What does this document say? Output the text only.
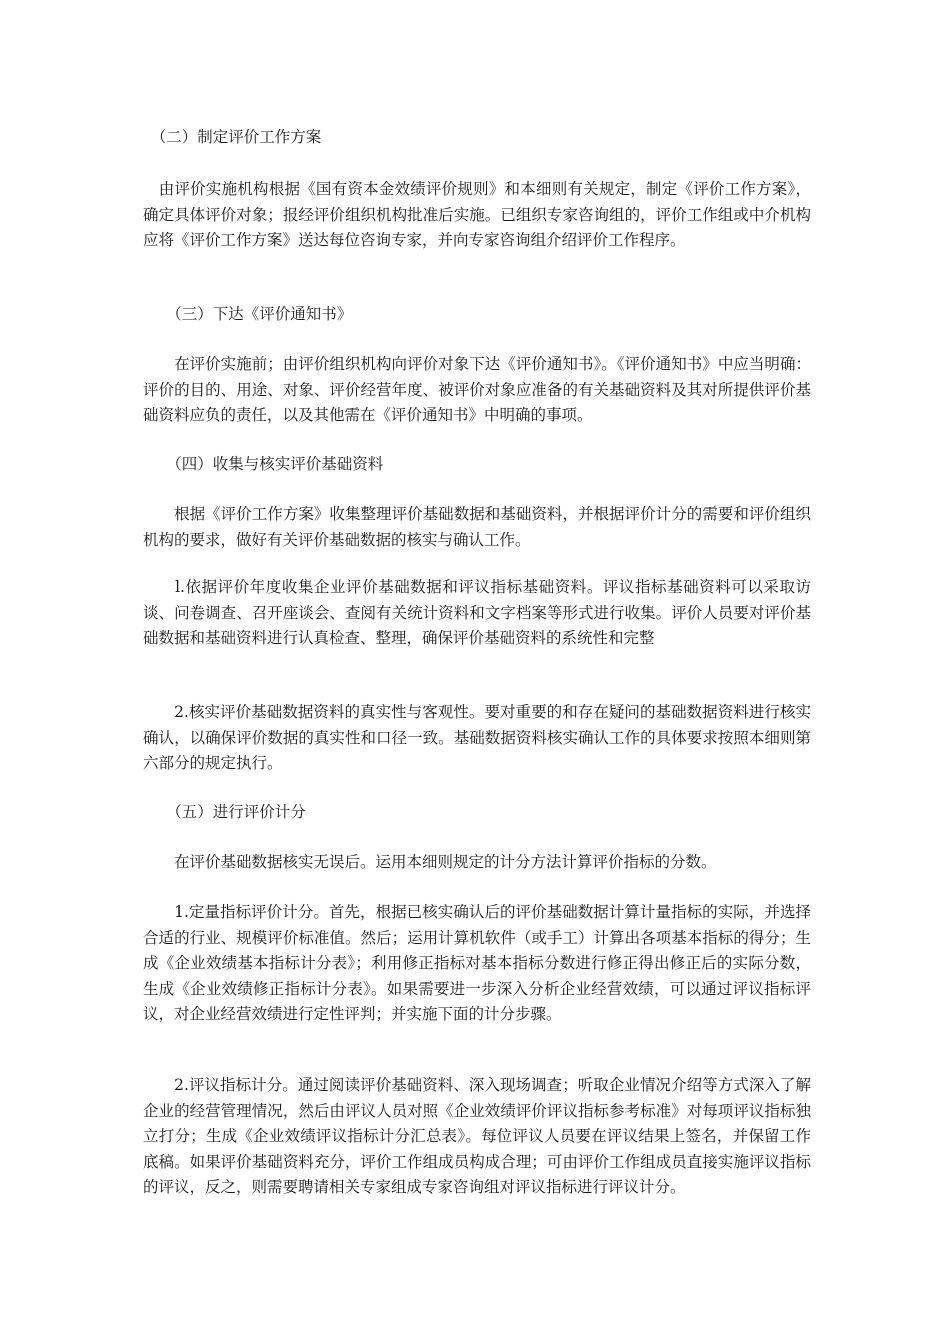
　（二）制定评价工作方案

　由评价实施机构根据《国有资本金效绩评价规则》和本细则有关规定，制定《评价工作方案》，确定具体评价对象；报经评价组织机构批准后实施。已组织专家咨询组的，评价工作组或中介机构应将《评价工作方案》送达每位咨询专家，并向专家咨询组介绍评价工作程序。

　　（三）下达《评价通知书》

　　在评价实施前；由评价组织机构向评价对象下达《评价通知书》。《评价通知书》中应当明确：评价的目的、用途、对象、评价经营年度、被评价对象应准备的有关基础资料及其对所提供评价基础资料应负的责任，以及其他需在《评价通知书》中明确的事项。

　　（四）收集与核实评价基础资料

　　根据《评价工作方案》收集整理评价基础数据和基础资料，并根据评价计分的需要和评价组织机构的要求，做好有关评价基础数据的核实与确认工作。

　　l.依据评价年度收集企业评价基础数据和评议指标基础资料。评议指标基础资料可以采取访谈、问卷调查、召开座谈会、查阅有关统计资料和文字档案等形式进行收集。评价人员要对评价基础数据和基础资料进行认真检查、整理，确保评价基础资料的系统性和完整

　　2.核实评价基础数据资料的真实性与客观性。要对重要的和存在疑问的基础数据资料进行核实确认，以确保评价数据的真实性和口径一致。基础数据资料核实确认工作的具体要求按照本细则第六部分的规定执行。

　　（五）进行评价计分

　　在评价基础数据核实无误后。运用本细则规定的计分方法计算评价指标的分数。

　　1.定量指标评价计分。首先，根据已核实确认后的评价基础数据计算计量指标的实际，并选择合适的行业、规模评价标准值。然后；运用计算机软件（或手工）计算出各项基本指标的得分；生成《企业效绩基本指标计分表》；利用修正指标对基本指标分数进行修正得出修正后的实际分数，生成《企业效绩修正指标计分表》。如果需要进一步深入分析企业经营效绩，可以通过评议指标评议，对企业经营效绩进行定性评判；并实施下面的计分步骤。

　　2.评议指标计分。通过阅读评价基础资料、深入现场调查；听取企业情况介绍等方式深入了解企业的经营管理情况，然后由评议人员对照《企业效绩评价评议指标参考标准》对每项评议指标独立打分；生成《企业效绩评议指标计分汇总表》。每位评议人员要在评议结果上签名，并保留工作底稿。如果评价基础资料充分，评价工作组成员构成合理；可由评价工作组成员直接实施评议指标的评议，反之，则需要聘请相关专家组成专家咨询组对评议指标进行评议计分。
